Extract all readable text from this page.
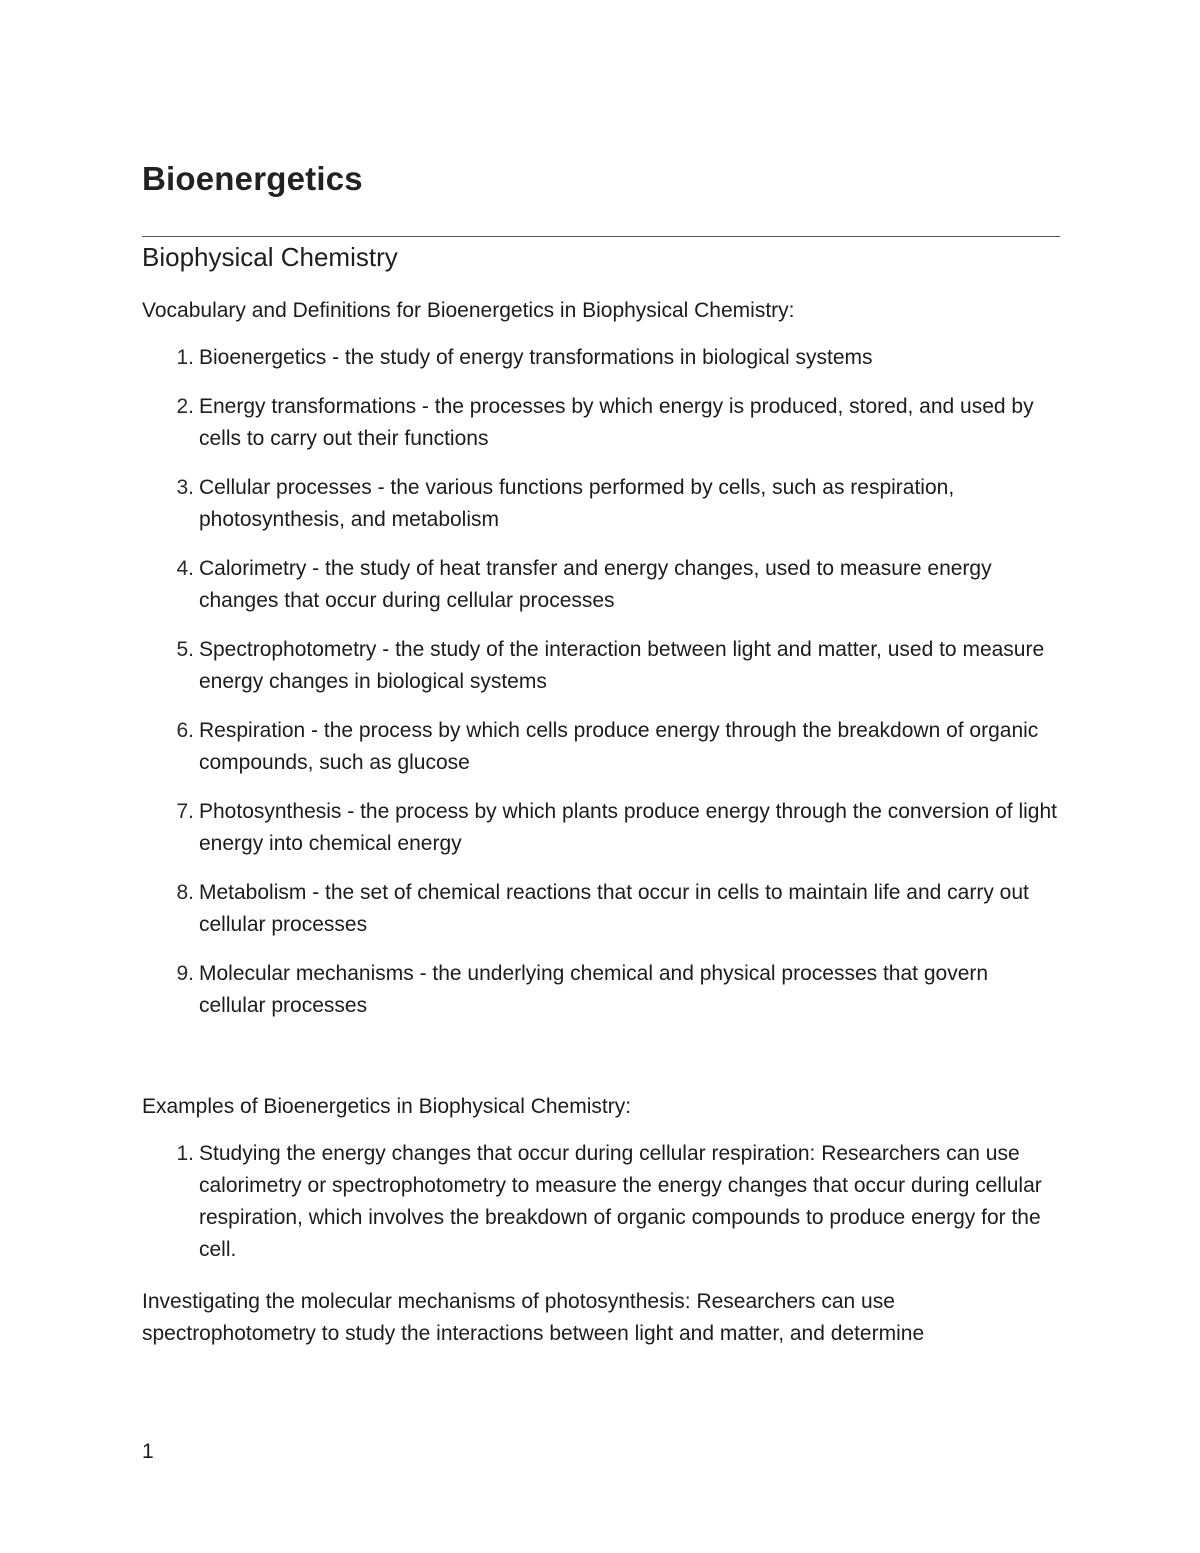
Bioenergetics
Biophysical Chemistry

Vocabulary and Definitions for Bioenergetics in Biophysical Chemistry:

1. Bioenergetics - the study of energy transformations in biological systems
2. Energy transformations - the processes by which energy is produced, stored, and used by cells to carry out their functions
3. Cellular processes - the various functions performed by cells, such as respiration, photosynthesis, and metabolism
4. Calorimetry - the study of heat transfer and energy changes, used to measure energy changes that occur during cellular processes
5. Spectrophotometry - the study of the interaction between light and matter, used to measure energy changes in biological systems
6. Respiration - the process by which cells produce energy through the breakdown of organic compounds, such as glucose
7. Photosynthesis - the process by which plants produce energy through the conversion of light energy into chemical energy
8. Metabolism - the set of chemical reactions that occur in cells to maintain life and carry out cellular processes
9. Molecular mechanisms - the underlying chemical and physical processes that govern cellular processes

Examples of Bioenergetics in Biophysical Chemistry:

1. Studying the energy changes that occur during cellular respiration: Researchers can use calorimetry or spectrophotometry to measure the energy changes that occur during cellular respiration, which involves the breakdown of organic compounds to produce energy for the cell.

Investigating the molecular mechanisms of photosynthesis: Researchers can use spectrophotometry to study the interactions between light and matter, and determine

1
